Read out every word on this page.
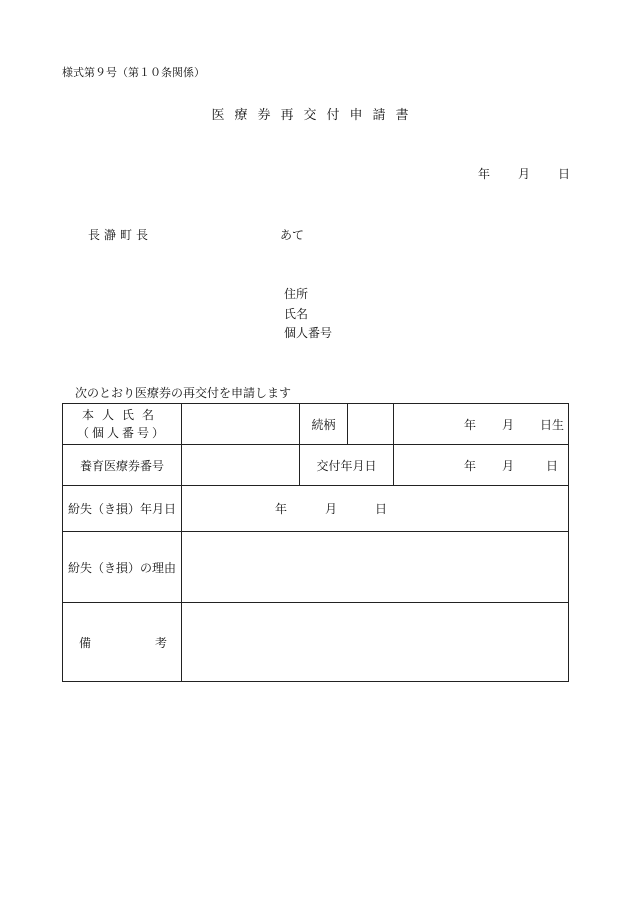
様式第９号（第１０条関係）
医療券再交付申請書
年 月 日
長瀞町長	あて
住所
氏名
個人番号
次のとおり医療券の再交付を申請します
本人氏名
（個人番号）		続柄		年 月 日生
養育医療券番号		交付年月日		年 月 日
紛失（き損）年月日	年 月 日			
紛失（き損）の理由				

備 考				
